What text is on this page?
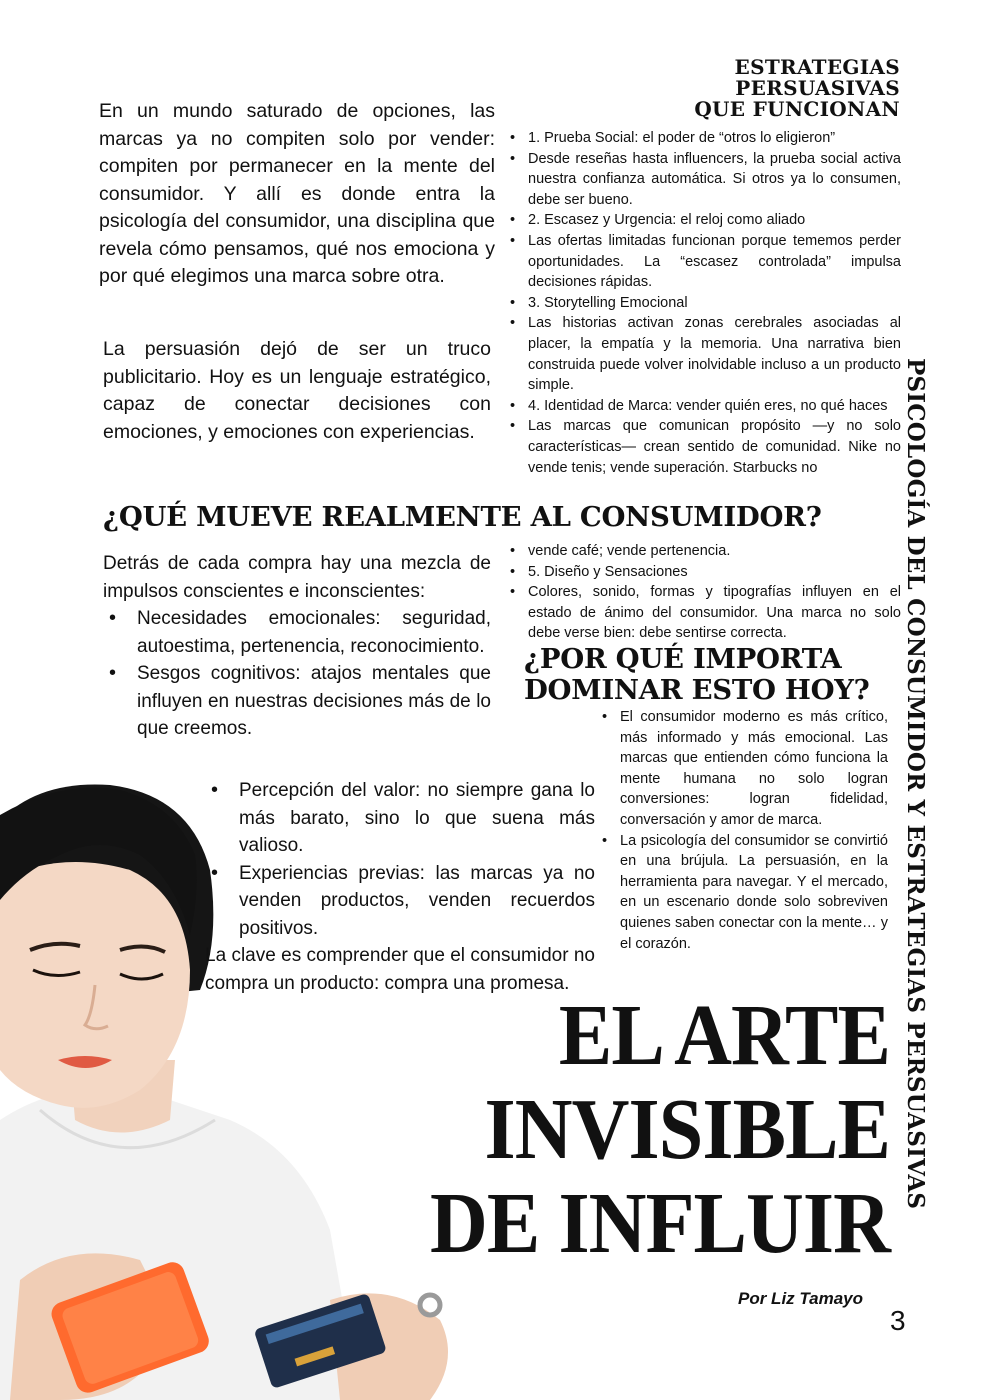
En un mundo saturado de opciones, las marcas ya no compiten solo por vender: compiten por permanecer en la mente del consumidor. Y allí es donde entra la psicología del consumidor, una disciplina que revela cómo pensamos, qué nos emociona y por qué elegimos una marca sobre otra.

La persuasión dejó de ser un truco publicitario. Hoy es un lenguaje estratégico, capaz de conectar decisiones con emociones, y emociones con experiencias.

ESTRATEGIAS
PERSUASIVAS
QUE FUNCIONAN
• 1. Prueba Social: el poder de “otros lo eligieron”
• Desde reseñas hasta influencers, la prueba social activa nuestra confianza automática. Si otros ya lo consumen, debe ser bueno.
• 2. Escasez y Urgencia: el reloj como aliado
• Las ofertas limitadas funcionan porque tememos perder oportunidades. La “escasez controlada” impulsa decisiones rápidas.
• 3. Storytelling Emocional
• Las historias activan zonas cerebrales asociadas al placer, la empatía y la memoria. Una narrativa bien construida puede volver inolvidable incluso a un producto simple.
• 4. Identidad de Marca: vender quién eres, no qué haces
• Las marcas que comunican propósito —y no solo características— crean sentido de comunidad. Nike no vende tenis; vende superación. Starbucks no
¿QUÉ MUEVE REALMENTE AL CONSUMIDOR?
• vende café; vende pertenencia.
• 5. Diseño y Sensaciones
• Colores, sonido, formas y tipografías influyen en el estado de ánimo del consumidor. Una marca no solo debe verse bien: debe sentirse correcta.

Detrás de cada compra hay una mezcla de impulsos conscientes e inconscientes:

• Necesidades emocionales: seguridad, autoestima, pertenencia, reconocimiento.
• Sesgos cognitivos: atajos mentales que influyen en nuestras decisiones más de lo que creemos.
• Percepción del valor: no siempre gana lo más barato, sino lo que suena más valioso.
• Experiencias previas: las marcas ya no venden productos, venden recuerdos positivos.

La clave es comprender que el consumidor no compra un producto: compra una promesa.

¿POR QUÉ IMPORTA
DOMINAR ESTO HOY?
• El consumidor moderno es más crítico, más informado y más emocional. Las marcas que entienden cómo funciona la mente humana no solo logran conversiones: logran fidelidad, conversación y amor de marca.
• La psicología del consumidor se convirtió en una brújula. La persuasión, en la herramienta para navegar. Y el mercado, en un escenario donde solo sobreviven quienes saben conectar con la mente… y el corazón.	PSICOLOGÍA DEL CONSUMIDOR Y ESTRATEGIAS PERSUASIVAS
EL ARTE
INVISIBLE
DE INFLUIR
Por Liz Tamayo
3
